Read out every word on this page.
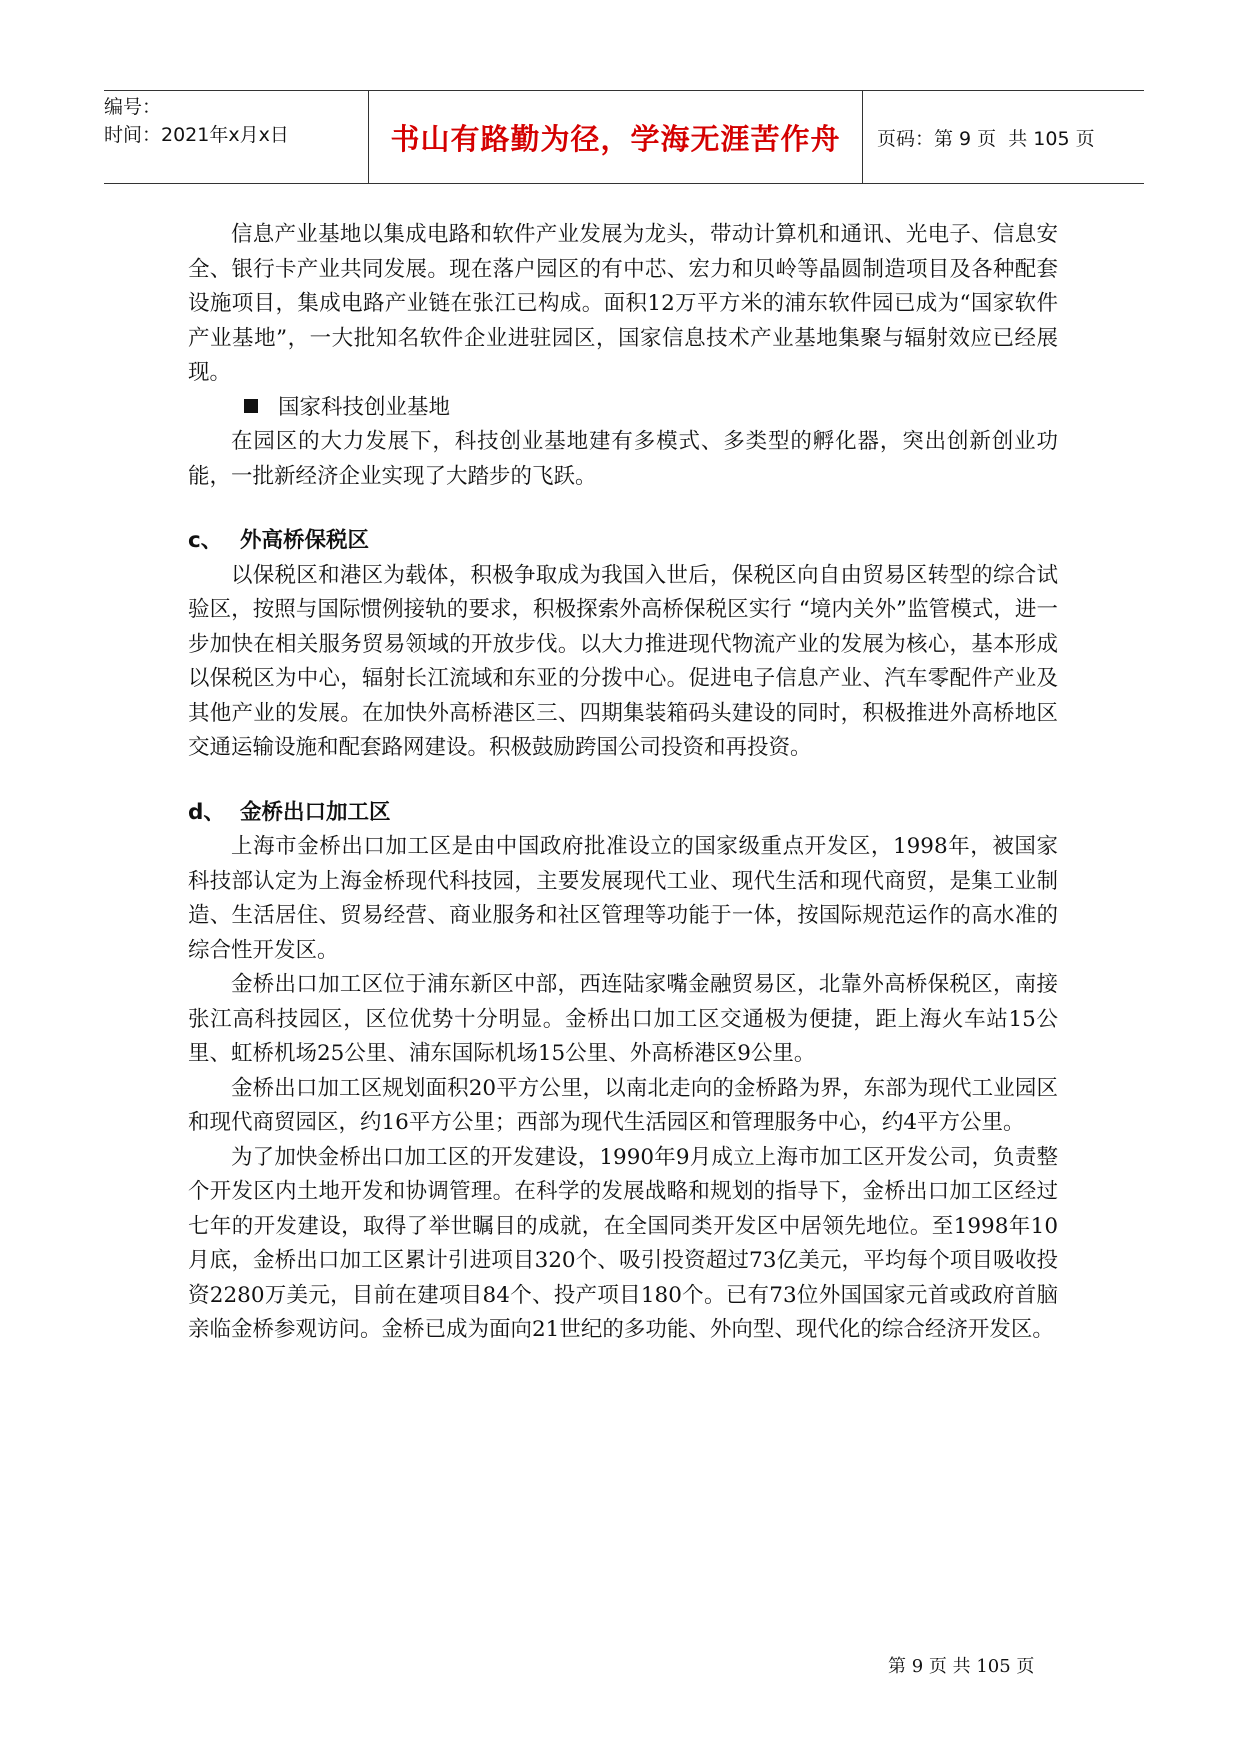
编号：
时间：2021年x月x日	书山有路勤为径，学海无涯苦作舟 页码：第 9 页  共 105 页

信息产业基地以集成电路和软件产业发展为龙头，带动计算机和通讯、光电子、信息安全、银行卡产业共同发展。现在落户园区的有中芯、宏力和贝岭等晶圆制造项目及各种配套设施项目，集成电路产业链在张江已构成。面积12万平方米的浦东软件园已成为“国家软件产业基地”，一大批知名软件企业进驻园区，国家信息技术产业基地集聚与辐射效应已经展现。

国家科技创业基地

在园区的大力发展下，科技创业基地建有多模式、多类型的孵化器，突出创新创业功能，一批新经济企业实现了大踏步的飞跃。

c、 外高桥保税区

以保税区和港区为载体，积极争取成为我国入世后，保税区向自由贸易区转型的综合试验区，按照与国际惯例接轨的要求，积极探索外高桥保税区实行 “境内关外”监管模式，进一步加快在相关服务贸易领域的开放步伐。以大力推进现代物流产业的发展为核心，基本形成以保税区为中心，辐射长江流域和东亚的分拨中心。促进电子信息产业、汽车零配件产业及其他产业的发展。在加快外高桥港区三、四期集装箱码头建设的同时，积极推进外高桥地区交通运输设施和配套路网建设。积极鼓励跨国公司投资和再投资。

d、 金桥出口加工区

上海市金桥出口加工区是由中国政府批准设立的国家级重点开发区，1998年，被国家科技部认定为上海金桥现代科技园，主要发展现代工业、现代生活和现代商贸，是集工业制造、生活居住、贸易经营、商业服务和社区管理等功能于一体，按国际规范运作的高水准的综合性开发区。

金桥出口加工区位于浦东新区中部，西连陆家嘴金融贸易区，北靠外高桥保税区，南接张江高科技园区，区位优势十分明显。金桥出口加工区交通极为便捷，距上海火车站15公里、虹桥机场25公里、浦东国际机场15公里、外高桥港区9公里。

金桥出口加工区规划面积20平方公里，以南北走向的金桥路为界，东部为现代工业园区和现代商贸园区，约16平方公里；西部为现代生活园区和管理服务中心，约4平方公里。

为了加快金桥出口加工区的开发建设，1990年9月成立上海市加工区开发公司，负责整个开发区内土地开发和协调管理。在科学的发展战略和规划的指导下，金桥出口加工区经过七年的开发建设，取得了举世瞩目的成就，在全国同类开发区中居领先地位。至1998年10月底，金桥出口加工区累计引进项目320个、吸引投资超过73亿美元，平均每个项目吸收投资2280万美元，目前在建项目84个、投产项目180个。已有73位外国国家元首或政府首脑亲临金桥参观访问。金桥已成为面向21世纪的多功能、外向型、现代化的综合经济开发区。

第 9 页 共 105 页
